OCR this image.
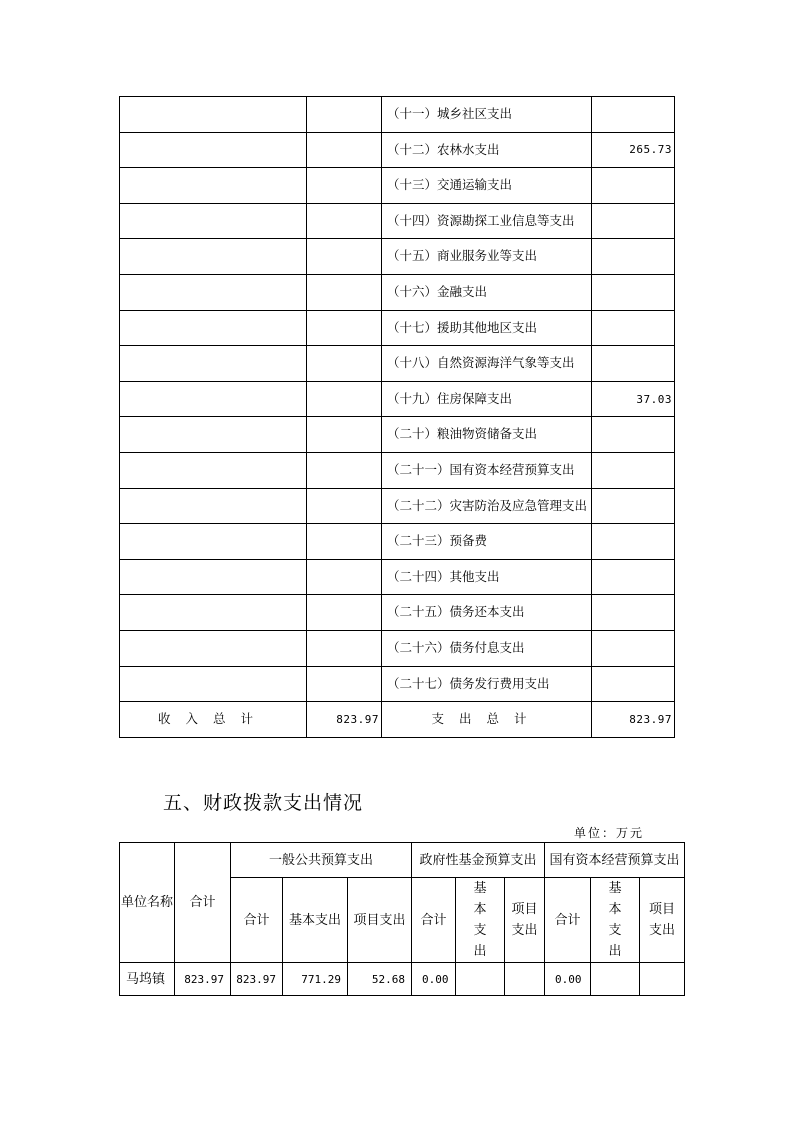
		（十一）城乡社区支出	
		（十二）农林水支出	265.73
		（十三）交通运输支出	
		（十四）资源勘探工业信息等支出	
		（十五）商业服务业等支出	
		（十六）金融支出	
		（十七）援助其他地区支出	
		（十八）自然资源海洋气象等支出	
		（十九）住房保障支出	37.03
		（二十）粮油物资储备支出	
		（二十一）国有资本经营预算支出	
		（二十二）灾害防治及应急管理支出	
		（二十三）预备费	
		（二十四）其他支出	
		（二十五）债务还本支出	
		（二十六）债务付息支出	
		（二十七）债务发行费用支出	
收入总计	823.97	支出总计	823.97
五、财政拨款支出情况
单位：万元
单位名称	合计	一般公共预算支出			政府性基金预算支出			国有资本经营预算支出		
		合计	基本支出	项目支出	合计	基本支出	项目支出	合计	基本支出	项目支出
马坞镇	823.97	823.97	771.29	52.68	0.00			0.00		
